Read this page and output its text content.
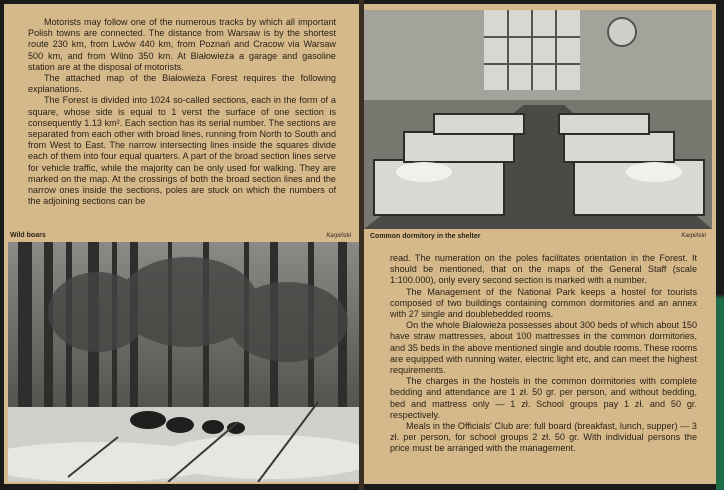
Motorists may follow one of the numerous tracks by which all important Polish towns are connected. The distance from Warsaw is by the shortest route 230 km, from Lwów 440 km, from Poznań and Cracow via Warsaw 500 km, and from Wilno 350 km. At Białowieża a garage and gasoline station are at the disposal of motorists.

The attached map of the Białowieża Forest requires the following explanations.

The Forest is divided into 1024 so-called sections, each in the form of a square, whose side is equal to 1 verst the surface of one section is consequently 1.13 km². Each section has its serial number. The sections are separated from each other with broad lines, running from North to South and from West to East. The narrow intersecting lines inside the squares divide each of them into four equal quarters. A part of the broad section lines serve for vehicle traffic, while the majority can be only used for walking. They are marked on the map. At the crossings of both the broad section lines and the narrow ones inside the sections, poles are stuck on which the numbers of the adjoining sections can be

Wild boars	Karpiński	Common dormitory in the shelter	Karpiński

read. The numeration on the poles facilitates orientation in the Forest. It should be mentioned, that on the maps of the General Staff (scale 1:100.000), only every second section is marked with a number.

The Management of the National Park keeps a hostel for tourists composed of two buildings containing common dormitories and an annex with 27 single and doublebedded rooms.

On the whole Białowieża possesses about 300 beds of which about 150 have straw mattresses, about 100 mattresses in the common dormitories, and 35 beds in the above mentioned single and double rooms. These rooms are equipped with running water, electric light etc, and can meet the highest requirements.

The charges in the hostels in the common dormitories with complete bedding and attendance are 1 zł. 50 gr. per person, and without bedding, bed and mattress only — 1 zł. School groups pay 1 zł. and 50 gr. respectively.

Meals in the Officials' Club are: full board (breakfast, lunch, supper) — 3 zł. per person, for school groups 2 zł. 50 gr. With individual persons the price must be arranged with the management.
